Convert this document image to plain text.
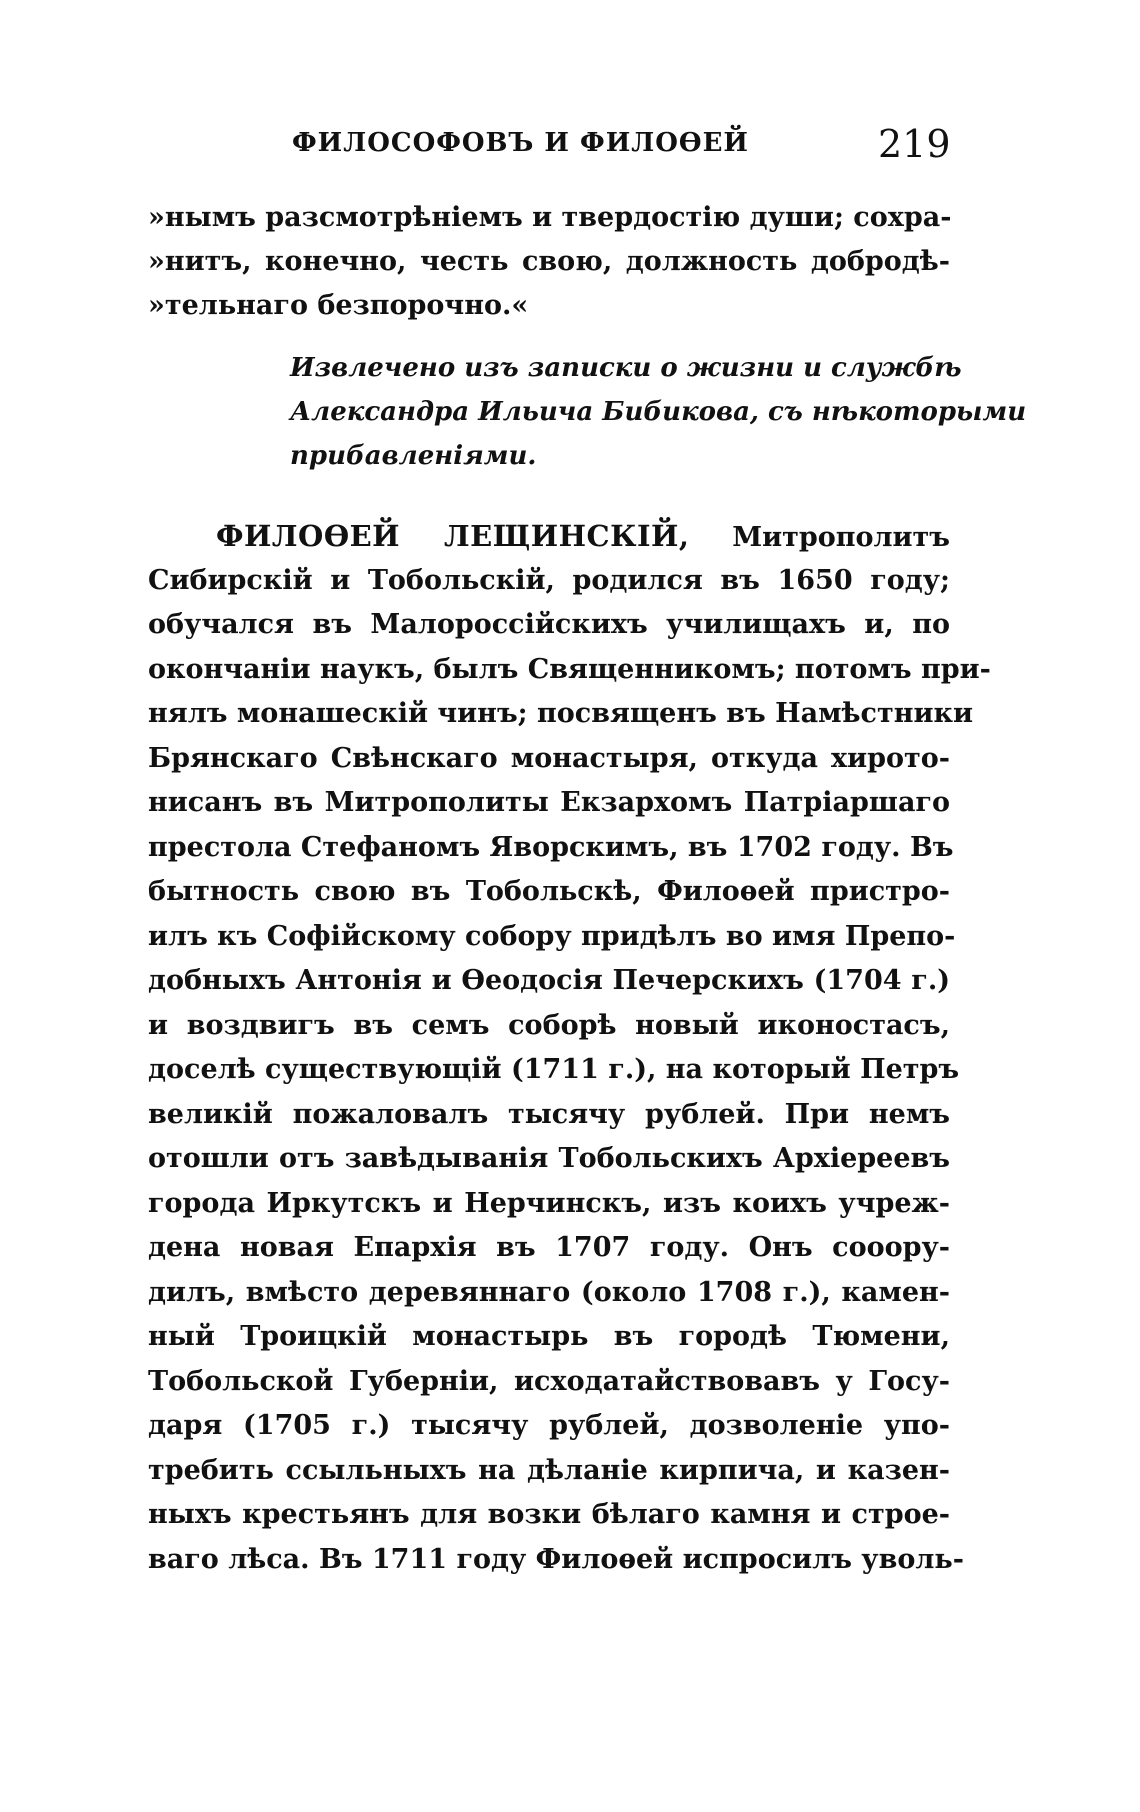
ФИЛОСОФОВЪ И ФИЛОѲЕЙ	219
»нымъ разсмотрѣніемъ и твердостію души; сохра-
»нитъ, конечно, честь свою, должность добродѣ-
»тельнаго безпорочно.«
Извлечено изъ записки о жизни и службѣ
Александра Ильича Бибикова, съ нѣкоторыми
прибавленіями.
ФИЛОѲЕЙ ЛЕЩИНСКІЙ, Митрополитъ
Сибирскій и Тобольскій, родился въ 1650 году;
обучался въ Малороссійскихъ училищахъ и, по
окончаніи наукъ, былъ Священникомъ; потомъ при-
нялъ монашескій чинъ; посвященъ въ Намѣстники
Брянскаго Свѣнскаго монастыря, откуда хиротo-
нисанъ въ Митрополиты Екзархомъ Патріаршаго
престола Стефаномъ Яворскимъ, въ 1702 году. Въ
бытность свою въ Тобольскѣ, Филоѳей пристро-
илъ къ Софійскому собору придѣлъ во имя Препо-
добныхъ Антонія и Ѳеодосія Печерскихъ (1704 г.)
и воздвигъ въ семъ соборѣ новый иконостасъ,
доселѣ существующій (1711 г.), на который Петръ
великій пожаловалъ тысячу рублей. При немъ
отошли отъ завѣдыванія Тобольскихъ Архіереевъ
города Иркутскъ и Нерчинскъ, изъ коихъ учреж-
дена новая Епархія въ 1707 году. Онъ сооору-
дилъ, вмѣсто деревяннаго (около 1708 г.), камен-
ный Троицкій монастырь въ городѣ Тюмени,
Тобольской Губерніи, исходатайствовавъ у Госу-
даря (1705 г.) тысячу рублей, дозволеніе упо-
требить ссыльныхъ на дѣланіе кирпича, и казен-
ныхъ крестьянъ для возки бѣлаго камня и строе-
ваго лѣса. Въ 1711 году Филоѳей испросилъ уволь-
